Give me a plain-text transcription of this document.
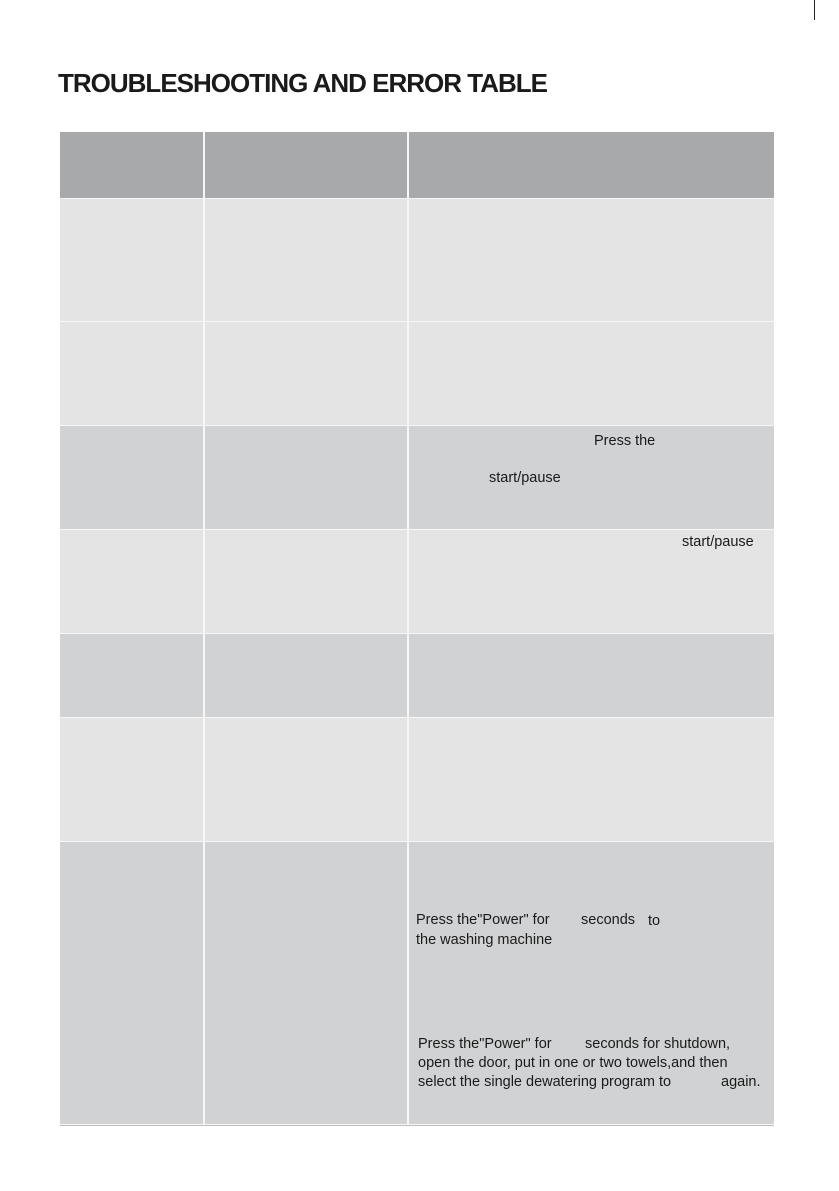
TROUBLESHOOTING AND ERROR TABLE
Press the
start/pause
start/pause
Press the"Power" for seconds to
the washing machine
Press the"Power" for seconds for shutdown,
open the door, put in one or two towels,and then
select the single dewatering program to	again.
